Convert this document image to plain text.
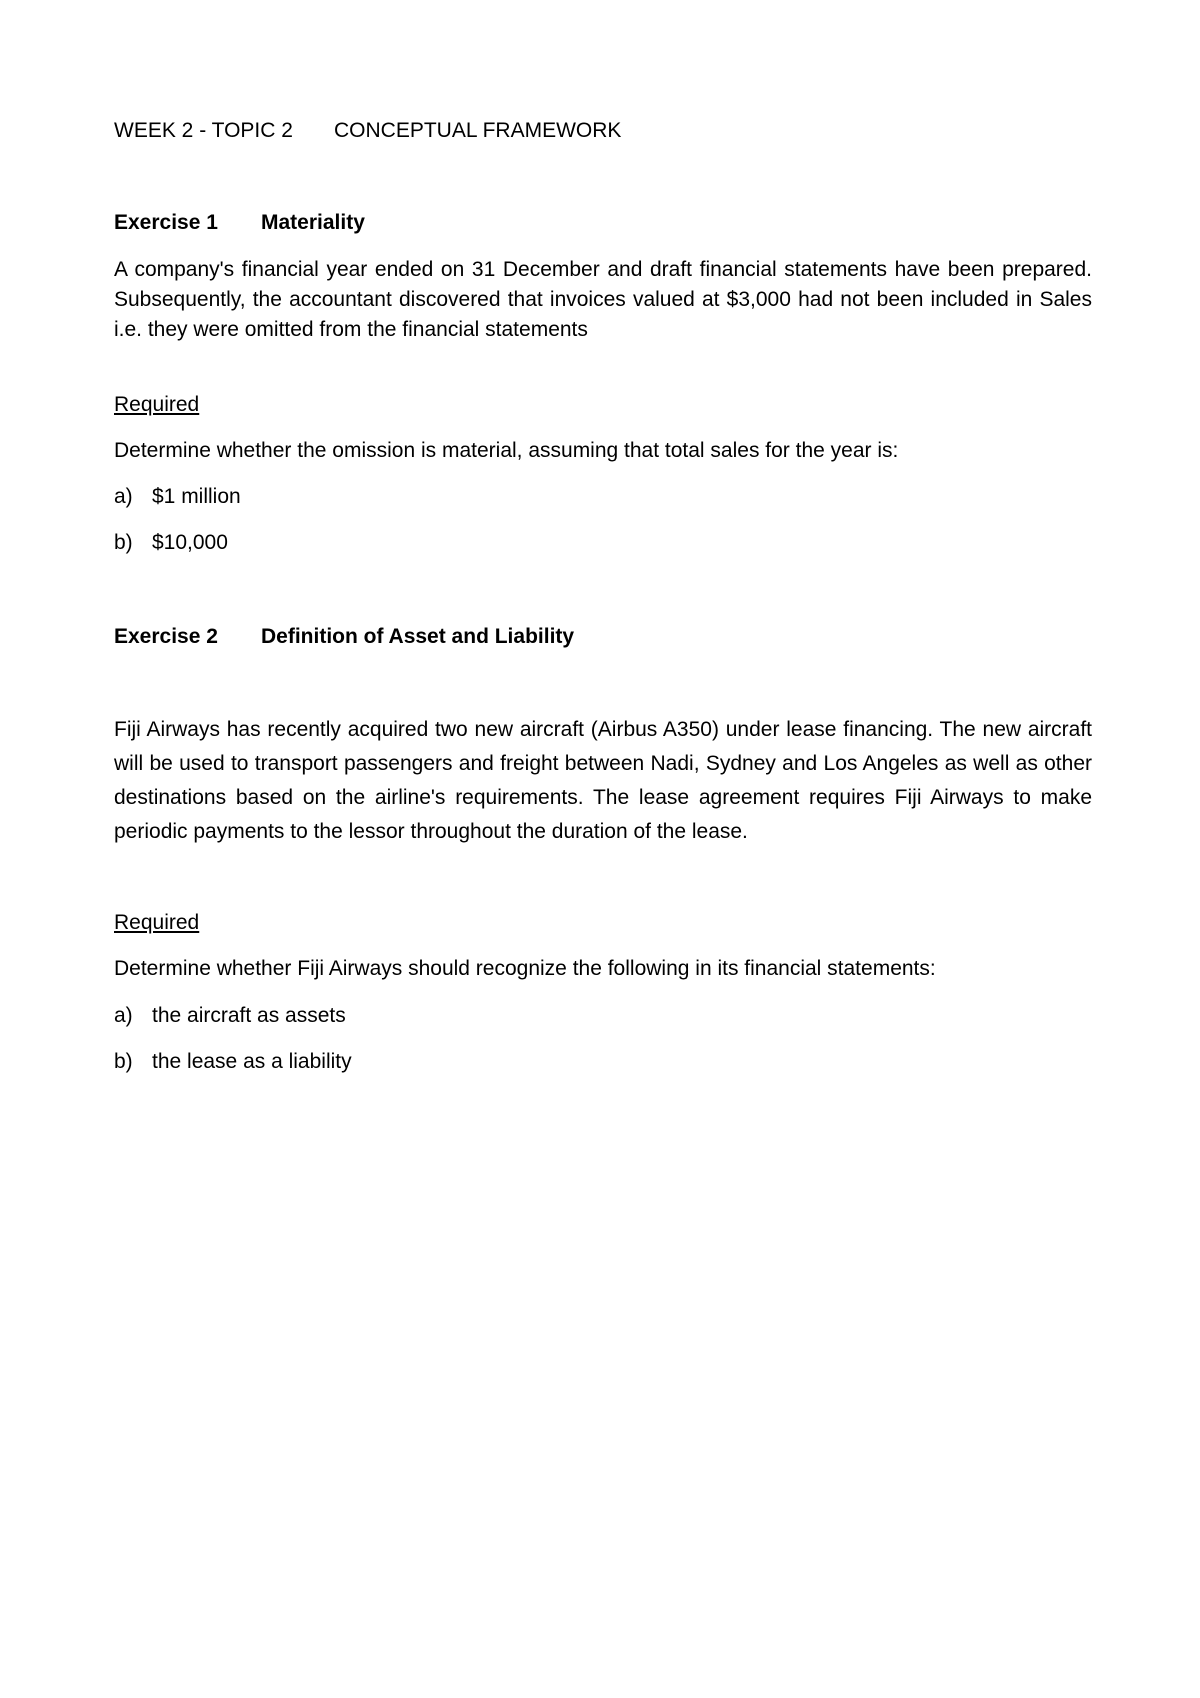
WEEK 2 - TOPIC 2 CONCEPTUAL FRAMEWORK
Exercise 1 Materiality
A company's financial year ended on 31 December and draft financial statements have been prepared. Subsequently, the accountant discovered that invoices valued at $3,000 had not been included in Sales i.e. they were omitted from the financial statements
Required
Determine whether the omission is material, assuming that total sales for the year is:
a) $1 million
b) $10,000
Exercise 2 Definition of Asset and Liability
Fiji Airways has recently acquired two new aircraft (Airbus A350) under lease financing. The new aircraft will be used to transport passengers and freight between Nadi, Sydney and Los Angeles as well as other destinations based on the airline's requirements. The lease agreement requires Fiji Airways to make periodic payments to the lessor throughout the duration of the lease.
Required
Determine whether Fiji Airways should recognize the following in its financial statements:
a) the aircraft as assets
b) the lease as a liability
